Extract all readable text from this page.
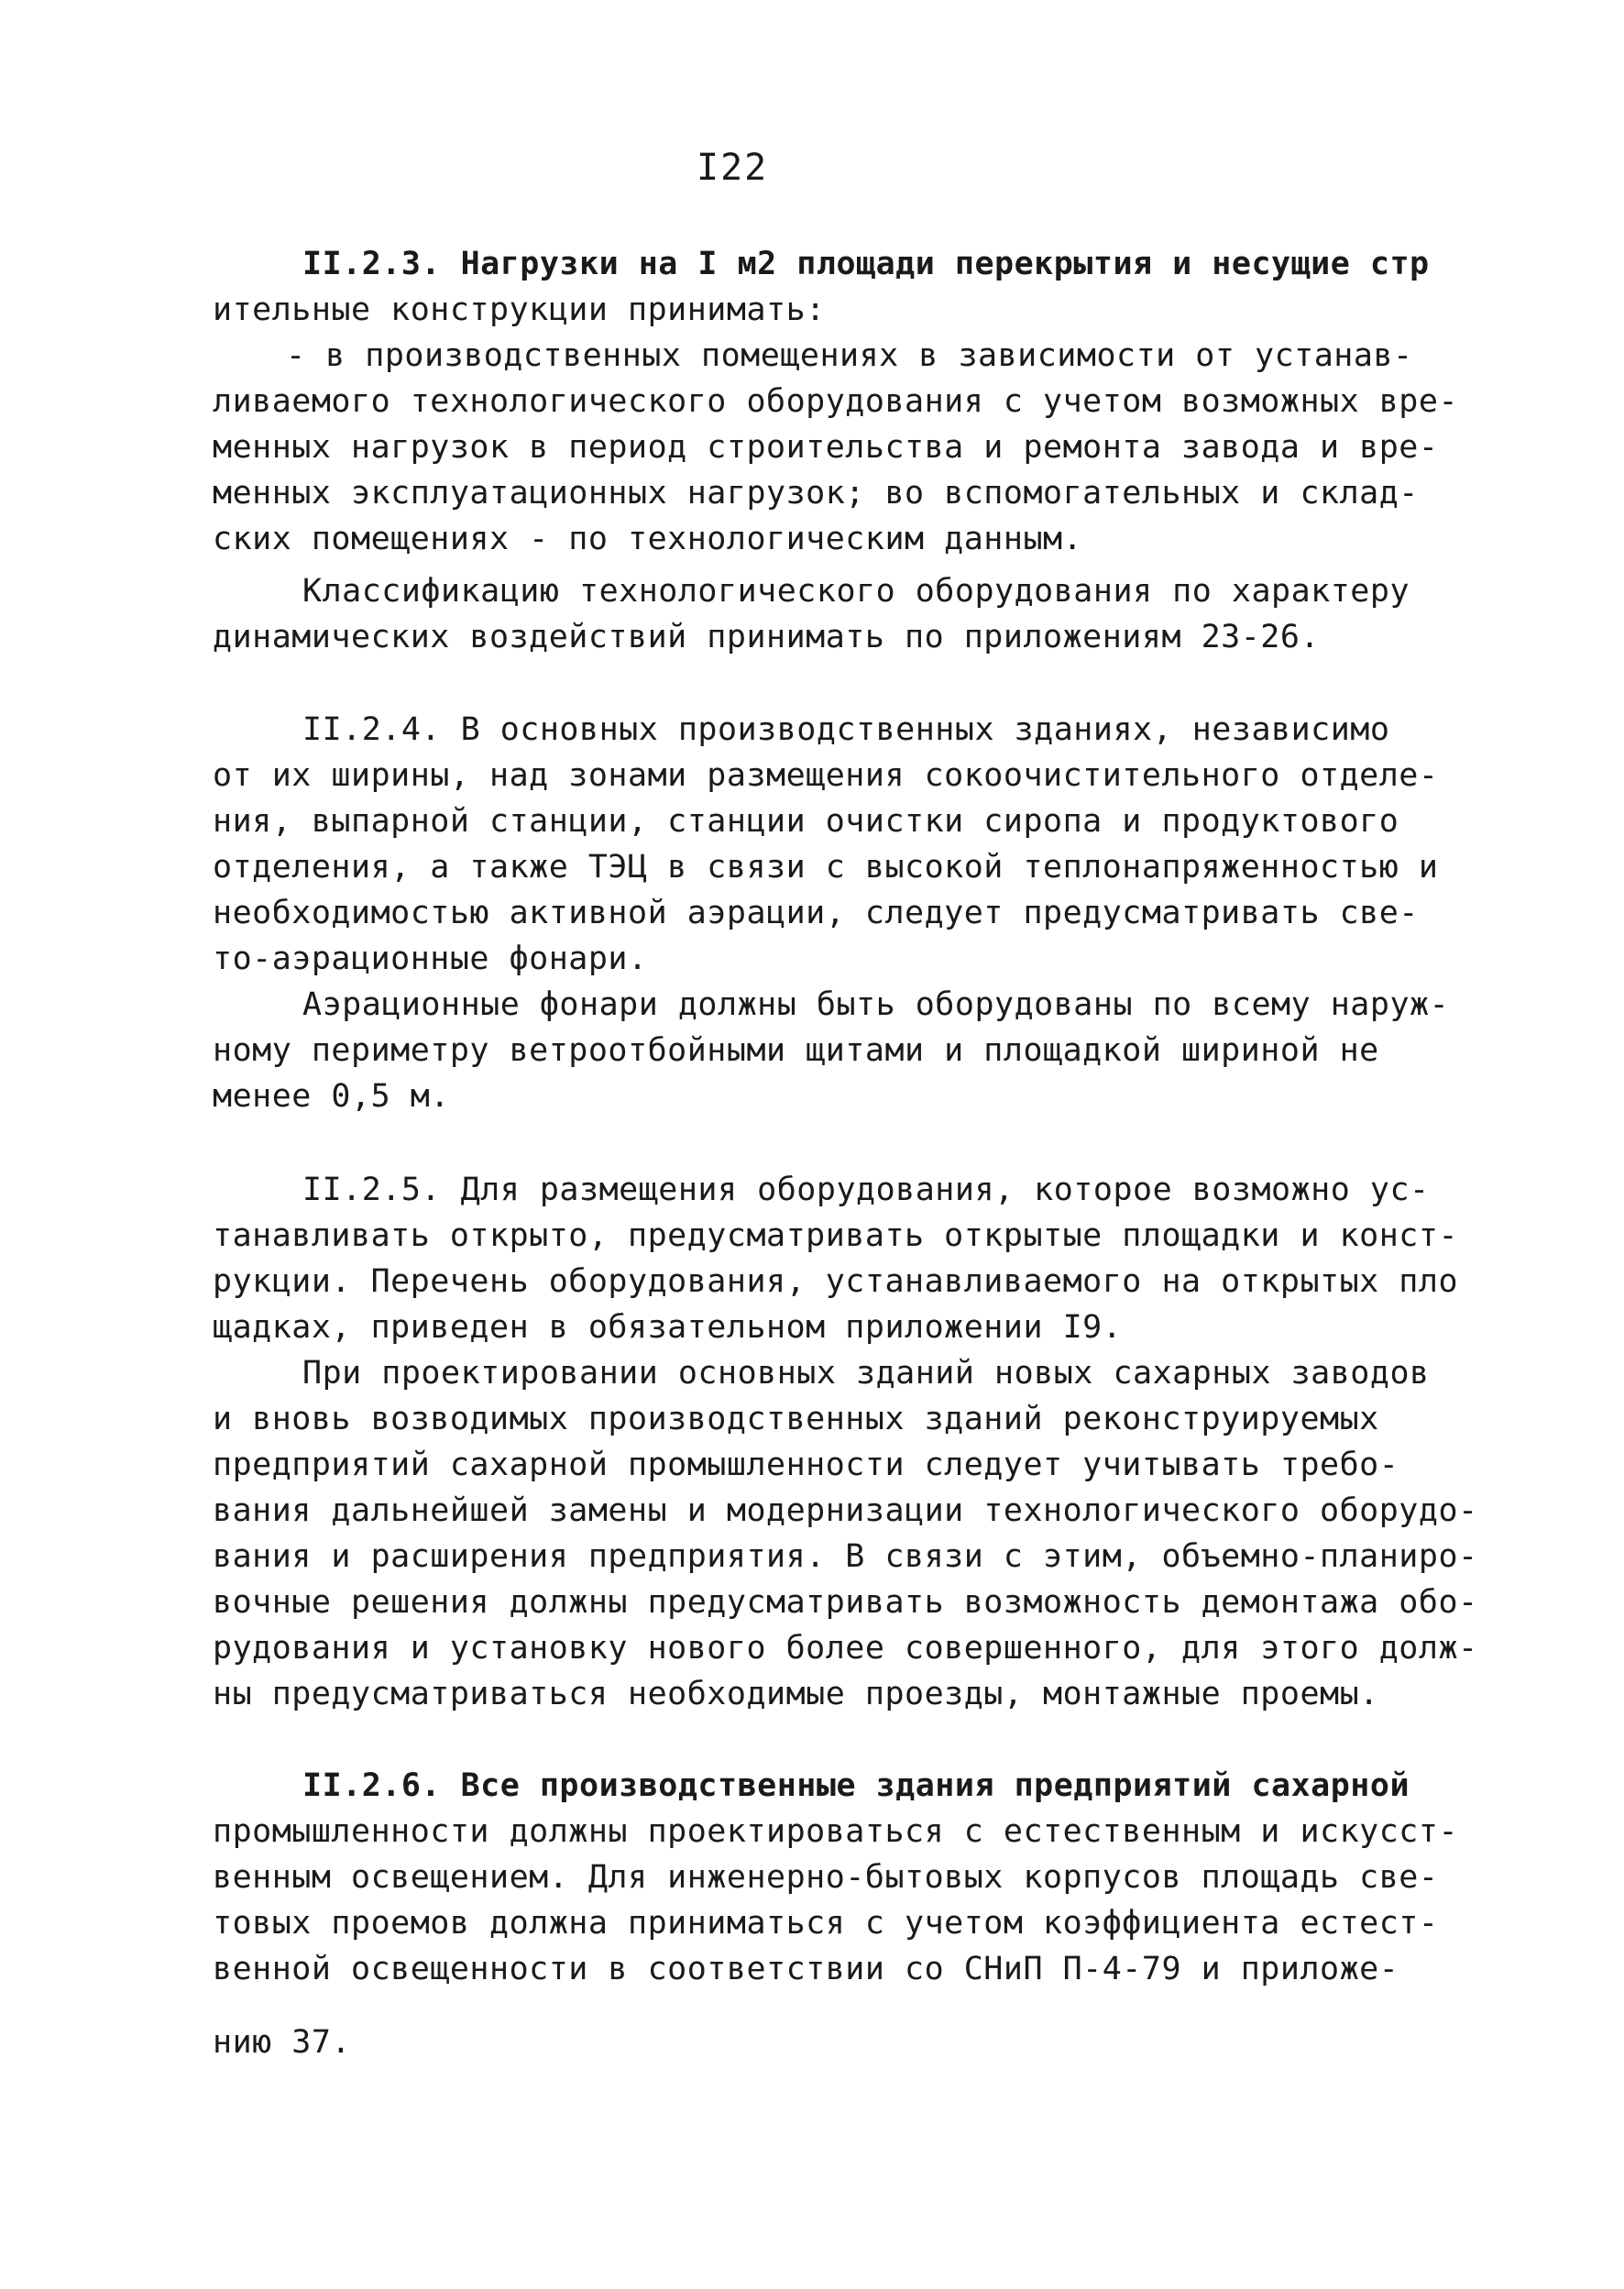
I22
II.2.3. Нагрузки на I м2 площади перекрытия и несущие стр
ительные конструкции принимать:
- в производственных помещениях в зависимости от устанав-
ливаемого технологического оборудования с учетом возможных вре-
менных нагрузок в период строительства и ремонта завода и вре-
менных эксплуатационных нагрузок; во вспомогательных и склад-
ских помещениях - по технологическим данным.
Классификацию технологического оборудования по характеру
динамических воздействий принимать по приложениям 23-26.
II.2.4. В основных производственных зданиях, независимо
от их ширины, над зонами размещения сокоочистительного отделе-
ния, выпарной станции, станции очистки сиропа и продуктового
отделения, а также ТЭЦ в связи с высокой теплонапряженностью и
необходимостью активной аэрации, следует предусматривать све-
то-аэрационные фонари.
Аэрационные фонари должны быть оборудованы по всему наруж-
ному периметру ветроотбойными щитами и площадкой шириной не
менее 0,5 м.
II.2.5. Для размещения оборудования, которое возможно ус-
танавливать открыто, предусматривать открытые площадки и конст-
рукции. Перечень оборудования, устанавливаемого на открытых пло
щадках, приведен в обязательном приложении I9.
При проектировании основных зданий новых сахарных заводов
и вновь возводимых производственных зданий реконструируемых
предприятий сахарной промышленности следует учитывать требо-
вания дальнейшей замены и модернизации технологического оборудо-
вания и расширения предприятия. В связи с этим, объемно-планиро-
вочные решения должны предусматривать возможность демонтажа обо-
рудования и установку нового более совершенного, для этого долж-
ны предусматриваться необходимые проезды, монтажные проемы.
II.2.6. Все производственные здания предприятий сахарной
промышленности должны проектироваться с естественным и искусст-
венным освещением. Для инженерно-бытовых корпусов площадь све-
товых проемов должна приниматься с учетом коэффициента естест-
венной освещенности в соответствии со СНиП П-4-79 и приложе-
нию 37.
